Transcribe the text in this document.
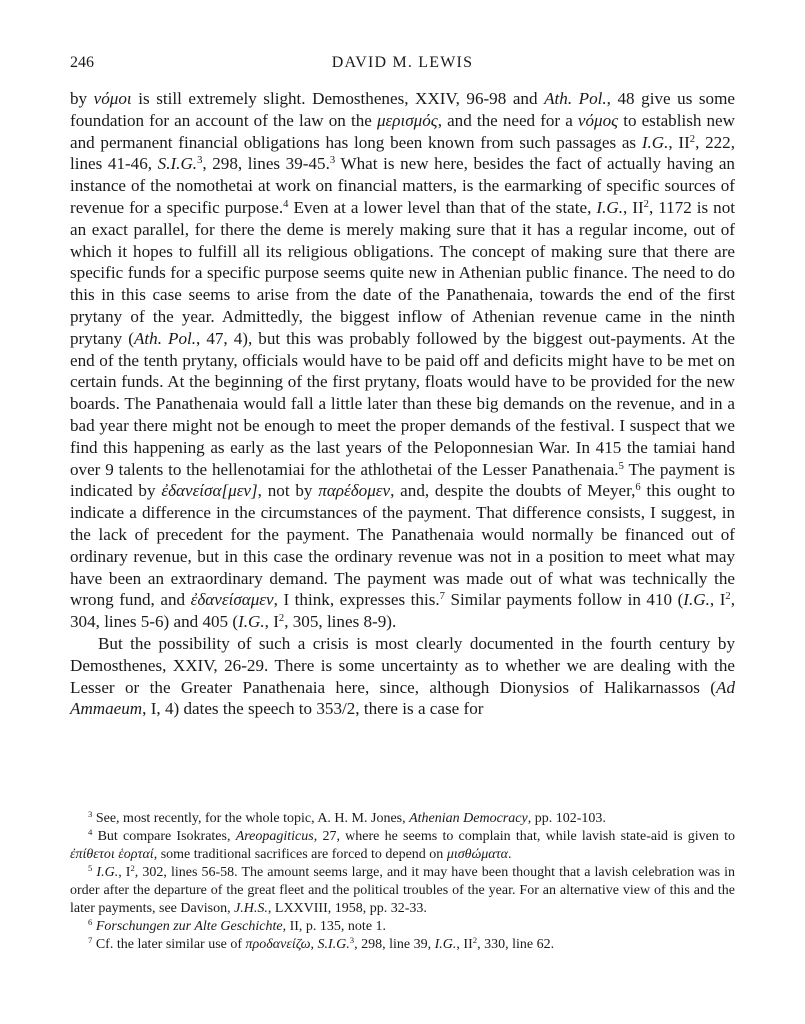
246	DAVID M. LEWIS

by νόμοι is still extremely slight. Demosthenes, XXIV, 96-98 and Ath. Pol., 48 give us some foundation for an account of the law on the μερισμός, and the need for a νόμος to establish new and permanent financial obligations has long been known from such passages as I.G., $II^2$, 222, lines 41-46, S.I.G.$^3$, 298, lines 39-45.$^3$ What is new here, besides the fact of actually having an instance of the nomothetai at work on financial matters, is the earmarking of specific sources of revenue for a specific purpose.$^4$ Even at a lower level than that of the state, I.G., $II^2$, 1172 is not an exact parallel, for there the deme is merely making sure that it has a regular income, out of which it hopes to fulfill all its religious obligations. The concept of making sure that there are specific funds for a specific purpose seems quite new in Athenian public finance. The need to do this in this case seems to arise from the date of the Panathenaia, towards the end of the first prytany of the year. Admittedly, the biggest inflow of Athenian revenue came in the ninth prytany (Ath. Pol., 47, 4), but this was probably followed by the biggest out-payments. At the end of the tenth prytany, officials would have to be paid off and deficits might have to be met on certain funds. At the beginning of the first prytany, floats would have to be provided for the new boards. The Panathenaia would fall a little later than these big demands on the revenue, and in a bad year there might not be enough to meet the proper demands of the festival. I suspect that we find this happening as early as the last years of the Peloponnesian War. In 415 the tamiai hand over 9 talents to the hellenotamiai for the athlothetai of the Lesser Panathenaia.$^5$ The payment is indicated by ἐδανείσα[μεν], not by παρέδομεν, and, despite the doubts of Meyer,$^6$ this ought to indicate a difference in the circumstances of the payment. That difference consists, I suggest, in the lack of precedent for the payment. The Panathenaia would normally be financed out of ordinary revenue, but in this case the ordinary revenue was not in a position to meet what may have been an extraordinary demand. The payment was made out of what was technically the wrong fund, and ἐδανείσαμεν, I think, expresses this.$^7$ Similar payments follow in 410 (I.G., $I^2$, 304, lines 5-6) and 405 (I.G., $I^2$, 305, lines 8-9).

But the possibility of such a crisis is most clearly documented in the fourth century by Demosthenes, XXIV, 26-29. There is some uncertainty as to whether we are dealing with the Lesser or the Greater Panathenaia here, since, although Dionysios of Halikarnassos (Ad Ammaeum, I, 4) dates the speech to 353/2, there is a case for

$^3$ See, most recently, for the whole topic, A. H. M. Jones, Athenian Democracy, pp. 102-103.

$^4$ But compare Isokrates, Areopagiticus, 27, where he seems to complain that, while lavish state-aid is given to ἐπίθετοι ἑορταί, some traditional sacrifices are forced to depend on μισθώματα.

$^5$ I.G., $I^2$, 302, lines 56-58. The amount seems large, and it may have been thought that a lavish celebration was in order after the departure of the great fleet and the political troubles of the year. For an alternative view of this and the later payments, see Davison, J.H.S., LXXVIII, 1958, pp. 32-33.

$^6$ Forschungen zur Alte Geschichte, II, p. 135, note 1.

$^7$ Cf. the later similar use of προδανείζω, S.I.G.$^3$, 298, line 39, I.G., $II^2$, 330, line 62.
